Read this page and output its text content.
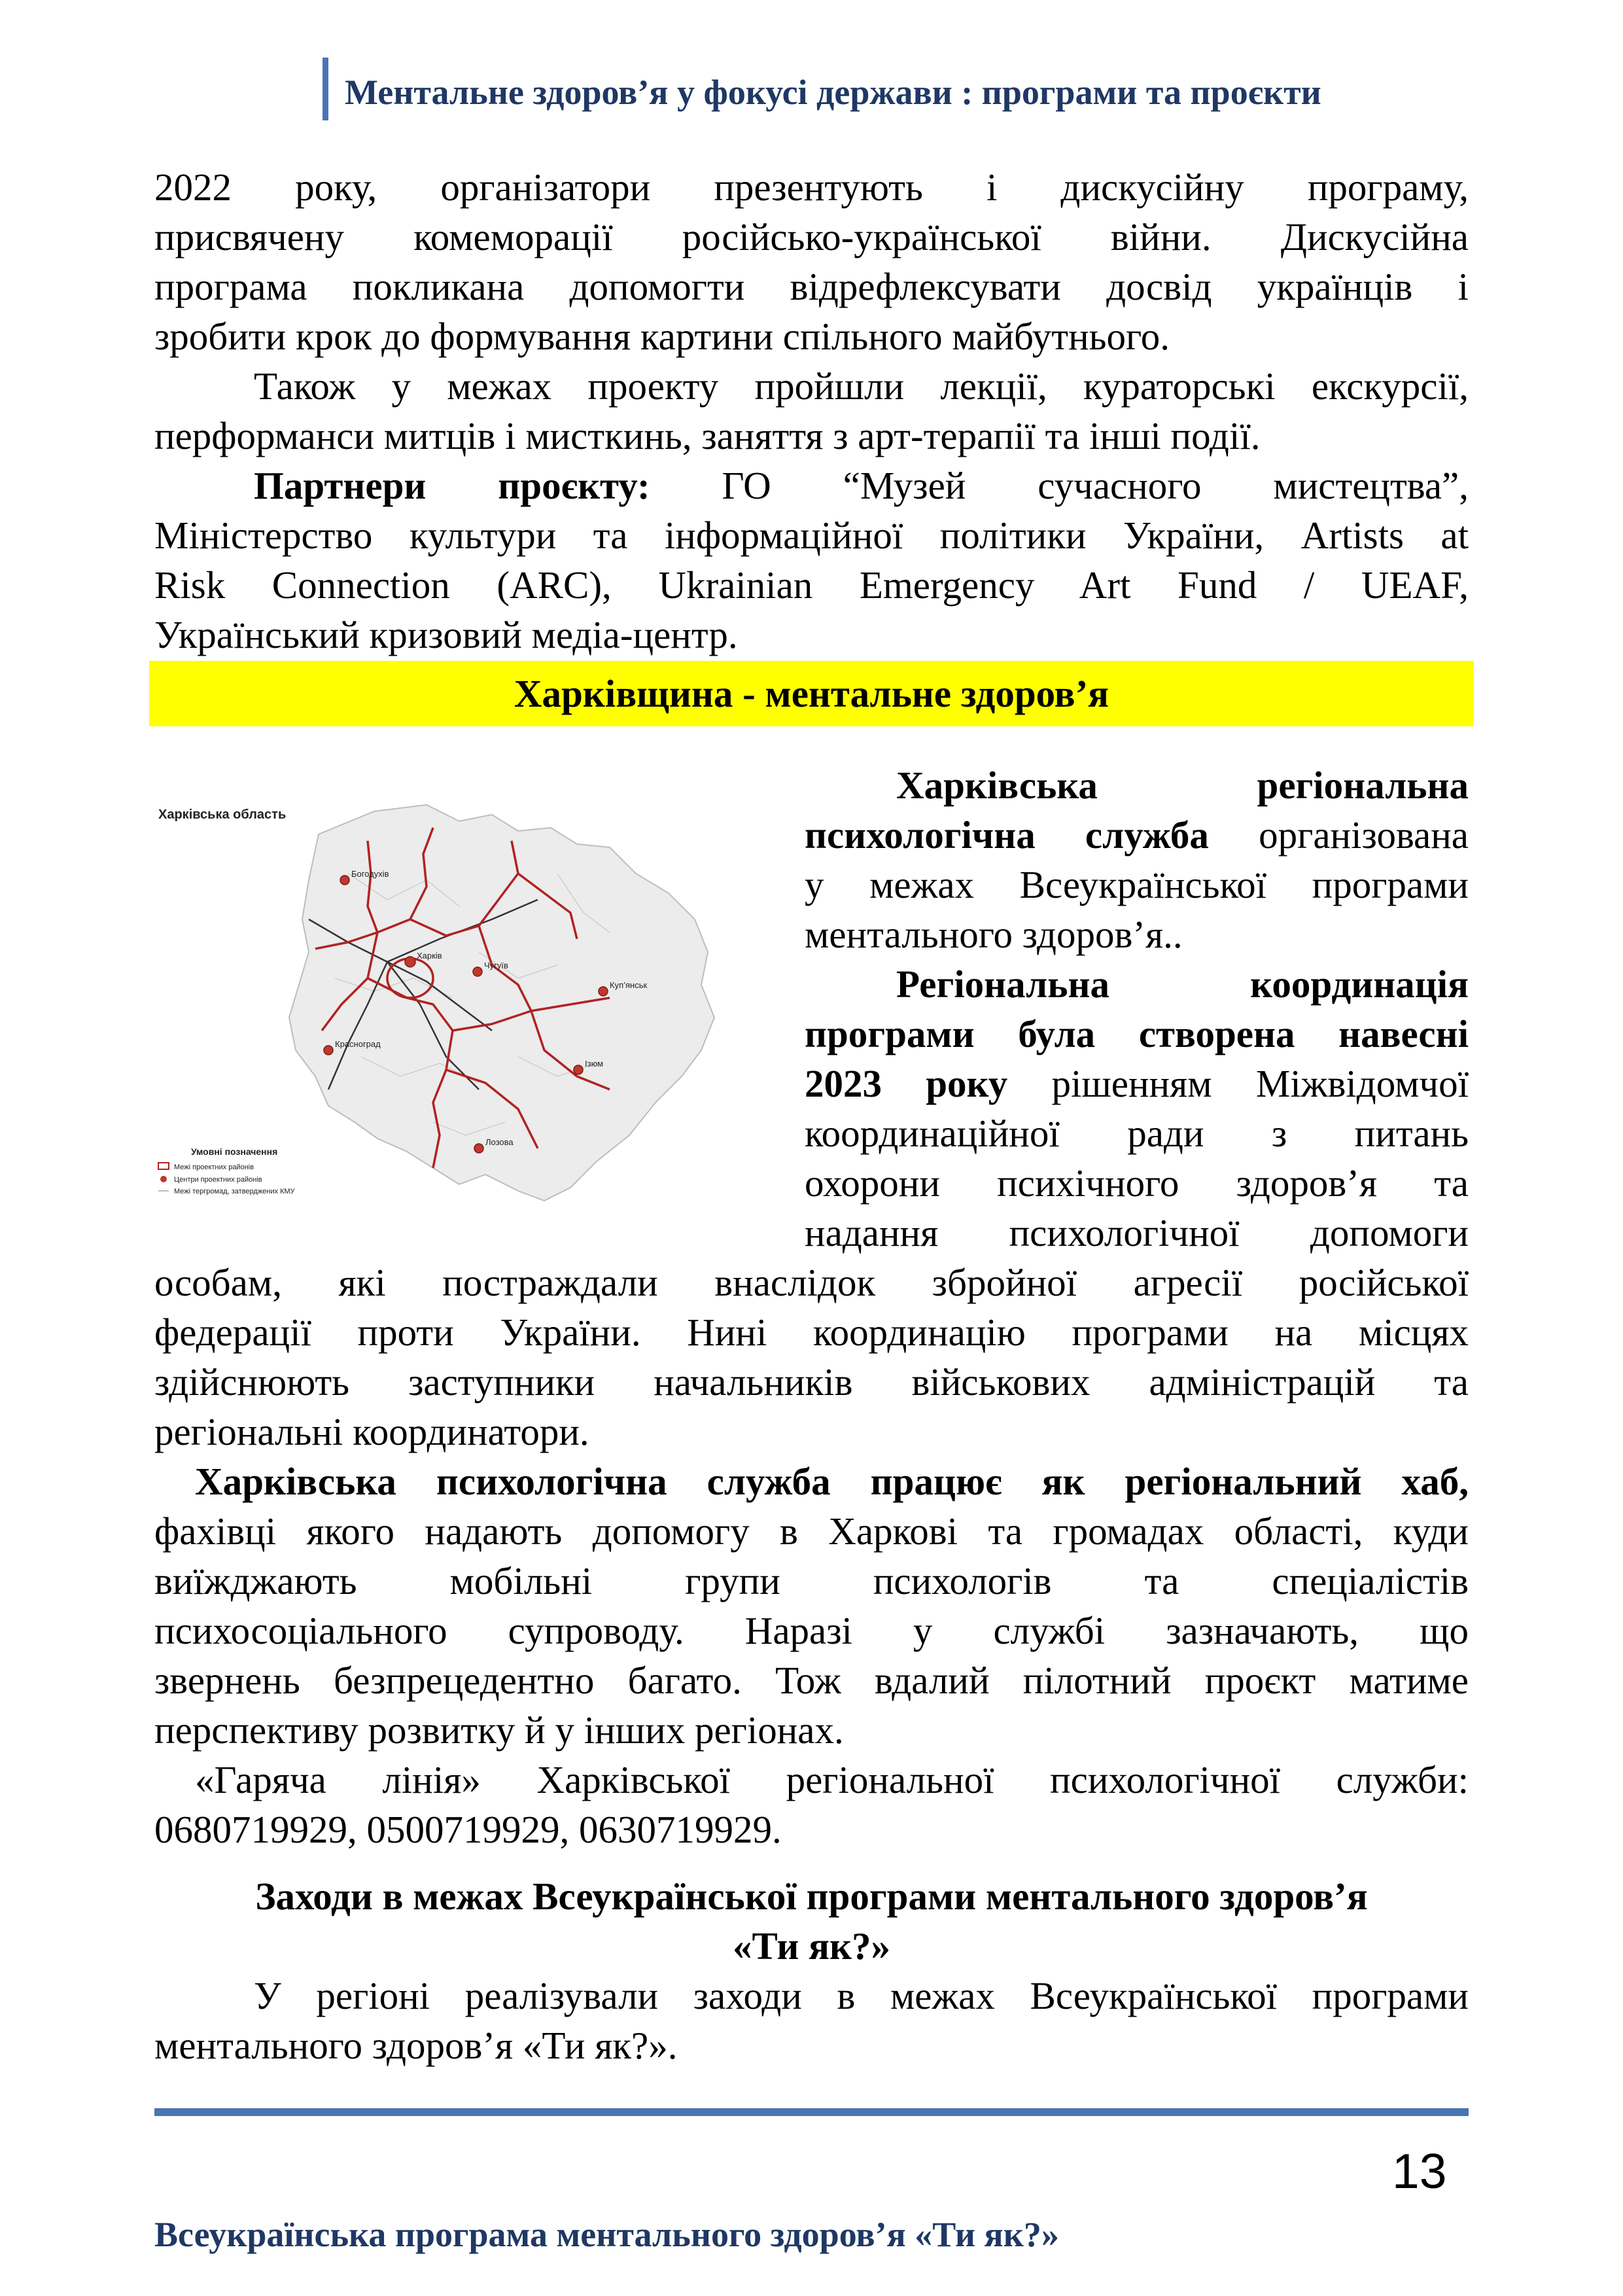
Ментальне здоров’я у фокусі держави : програми та проєкти
2022 року, організатори презентують і дискусійну програму,
присвячену комеморації російсько-української війни. Дискусійна
програма покликана допомогти відрефлексувати досвід українців і
зробити крок до формування картини спільного майбутнього.
Також у межах проекту пройшли лекції, кураторські екскурсії,
перформанси митців і мисткинь, заняття з арт-терапії та інші події.
Партнери проєкту: ГО “Музей сучасного мистецтва”,
Міністерство культури та інформаційної політики України, Artists at
Risk Connection (ARC), Ukrainian Emergency Art Fund / UEAF,
Український кризовий медіа-центр.
Харківщина - ментальне здоров’я
Харківська область
Богодухів
Харків
Чугуїв
Куп’янськ
Красноград
Ізюм
Лозова
Умовні позначення
Межі проектних районів
Центри проектних районів
Межі тергромад, затверджених КМУ
Харківська регіональна
психологічна служба організована
у межах Всеукраїнської програми
ментального здоров’я..
Регіональна координація
програми була створена навесні
2023 року рішенням Міжвідомчої
координаційної ради з питань
охорони психічного здоров’я та
надання психологічної допомоги
особам, які постраждали внаслідок збройної агресії російської
федерації проти України. Нині координацію програми на місцях
здійснюють заступники начальників військових адміністрацій та
регіональні координатори.
Харківська психологічна служба працює як регіональний хаб,
фахівці якого надають допомогу в Харкові та громадах області, куди
виїжджають мобільні групи психологів та спеціалістів
психосоціального супроводу. Наразі у службі зазначають, що
звернень безпрецедентно багато. Тож вдалий пілотний проєкт матиме
перспективу розвитку й у інших регіонах.
«Гаряча лінія» Харківської регіональної психологічної служби:
0680719929, 0500719929, 0630719929.
Заходи в межах Всеукраїнської програми ментального здоров’я
«Ти як?»
У регіоні реалізували заходи в межах Всеукраїнської програми
ментального здоров’я «Ти як?».
13
Всеукраїнська програма ментального здоров’я «Ти як?»
